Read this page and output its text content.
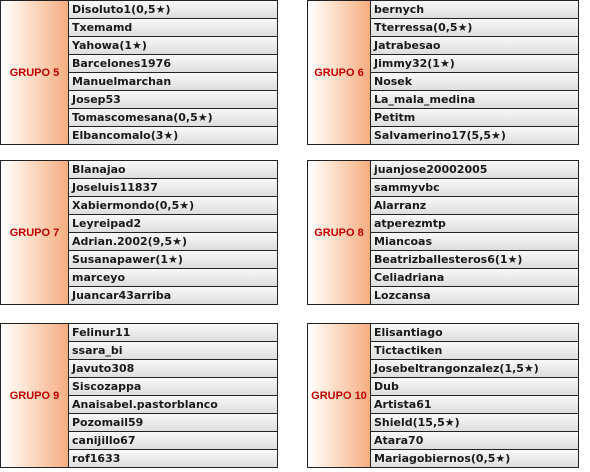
GRUPO 5
Disoluto1(0,5★)
Txemamd
Yahowa(1★)
Barcelones1976
Manuelmarchan
Josep53
Tomascomesana(0,5★)
Elbancomalo(3★)
GRUPO 6
bernych
Tterressa(0,5★)
Jatrabesao
Jimmy32(1★)
Nosek
La_mala_medina
Petitm
Salvamerino17(5,5★)
GRUPO 7
Blanajao
Joseluis11837
Xabiermondo(0,5★)
Leyreipad2
Adrian.2002(9,5★)
Susanapawer(1★)
marceyo
Juancar43arriba
GRUPO 8
juanjose20002005
sammyvbc
Alarranz
atperezmtp
Miancoas
Beatrizballesteros6(1★)
Celiadriana
Lozcansa
GRUPO 9
Felinur11
ssara_bi
Javuto308
Siscozappa
Anaisabel.pastorblanco
Pozomail59
canijillo67
rof1633
GRUPO 10
Elisantiago
Tictactiken
Josebeltrangonzalez(1,5★)
Dub
Artista61
Shield(15,5★)
Atara70
Mariagobiernos(0,5★)
